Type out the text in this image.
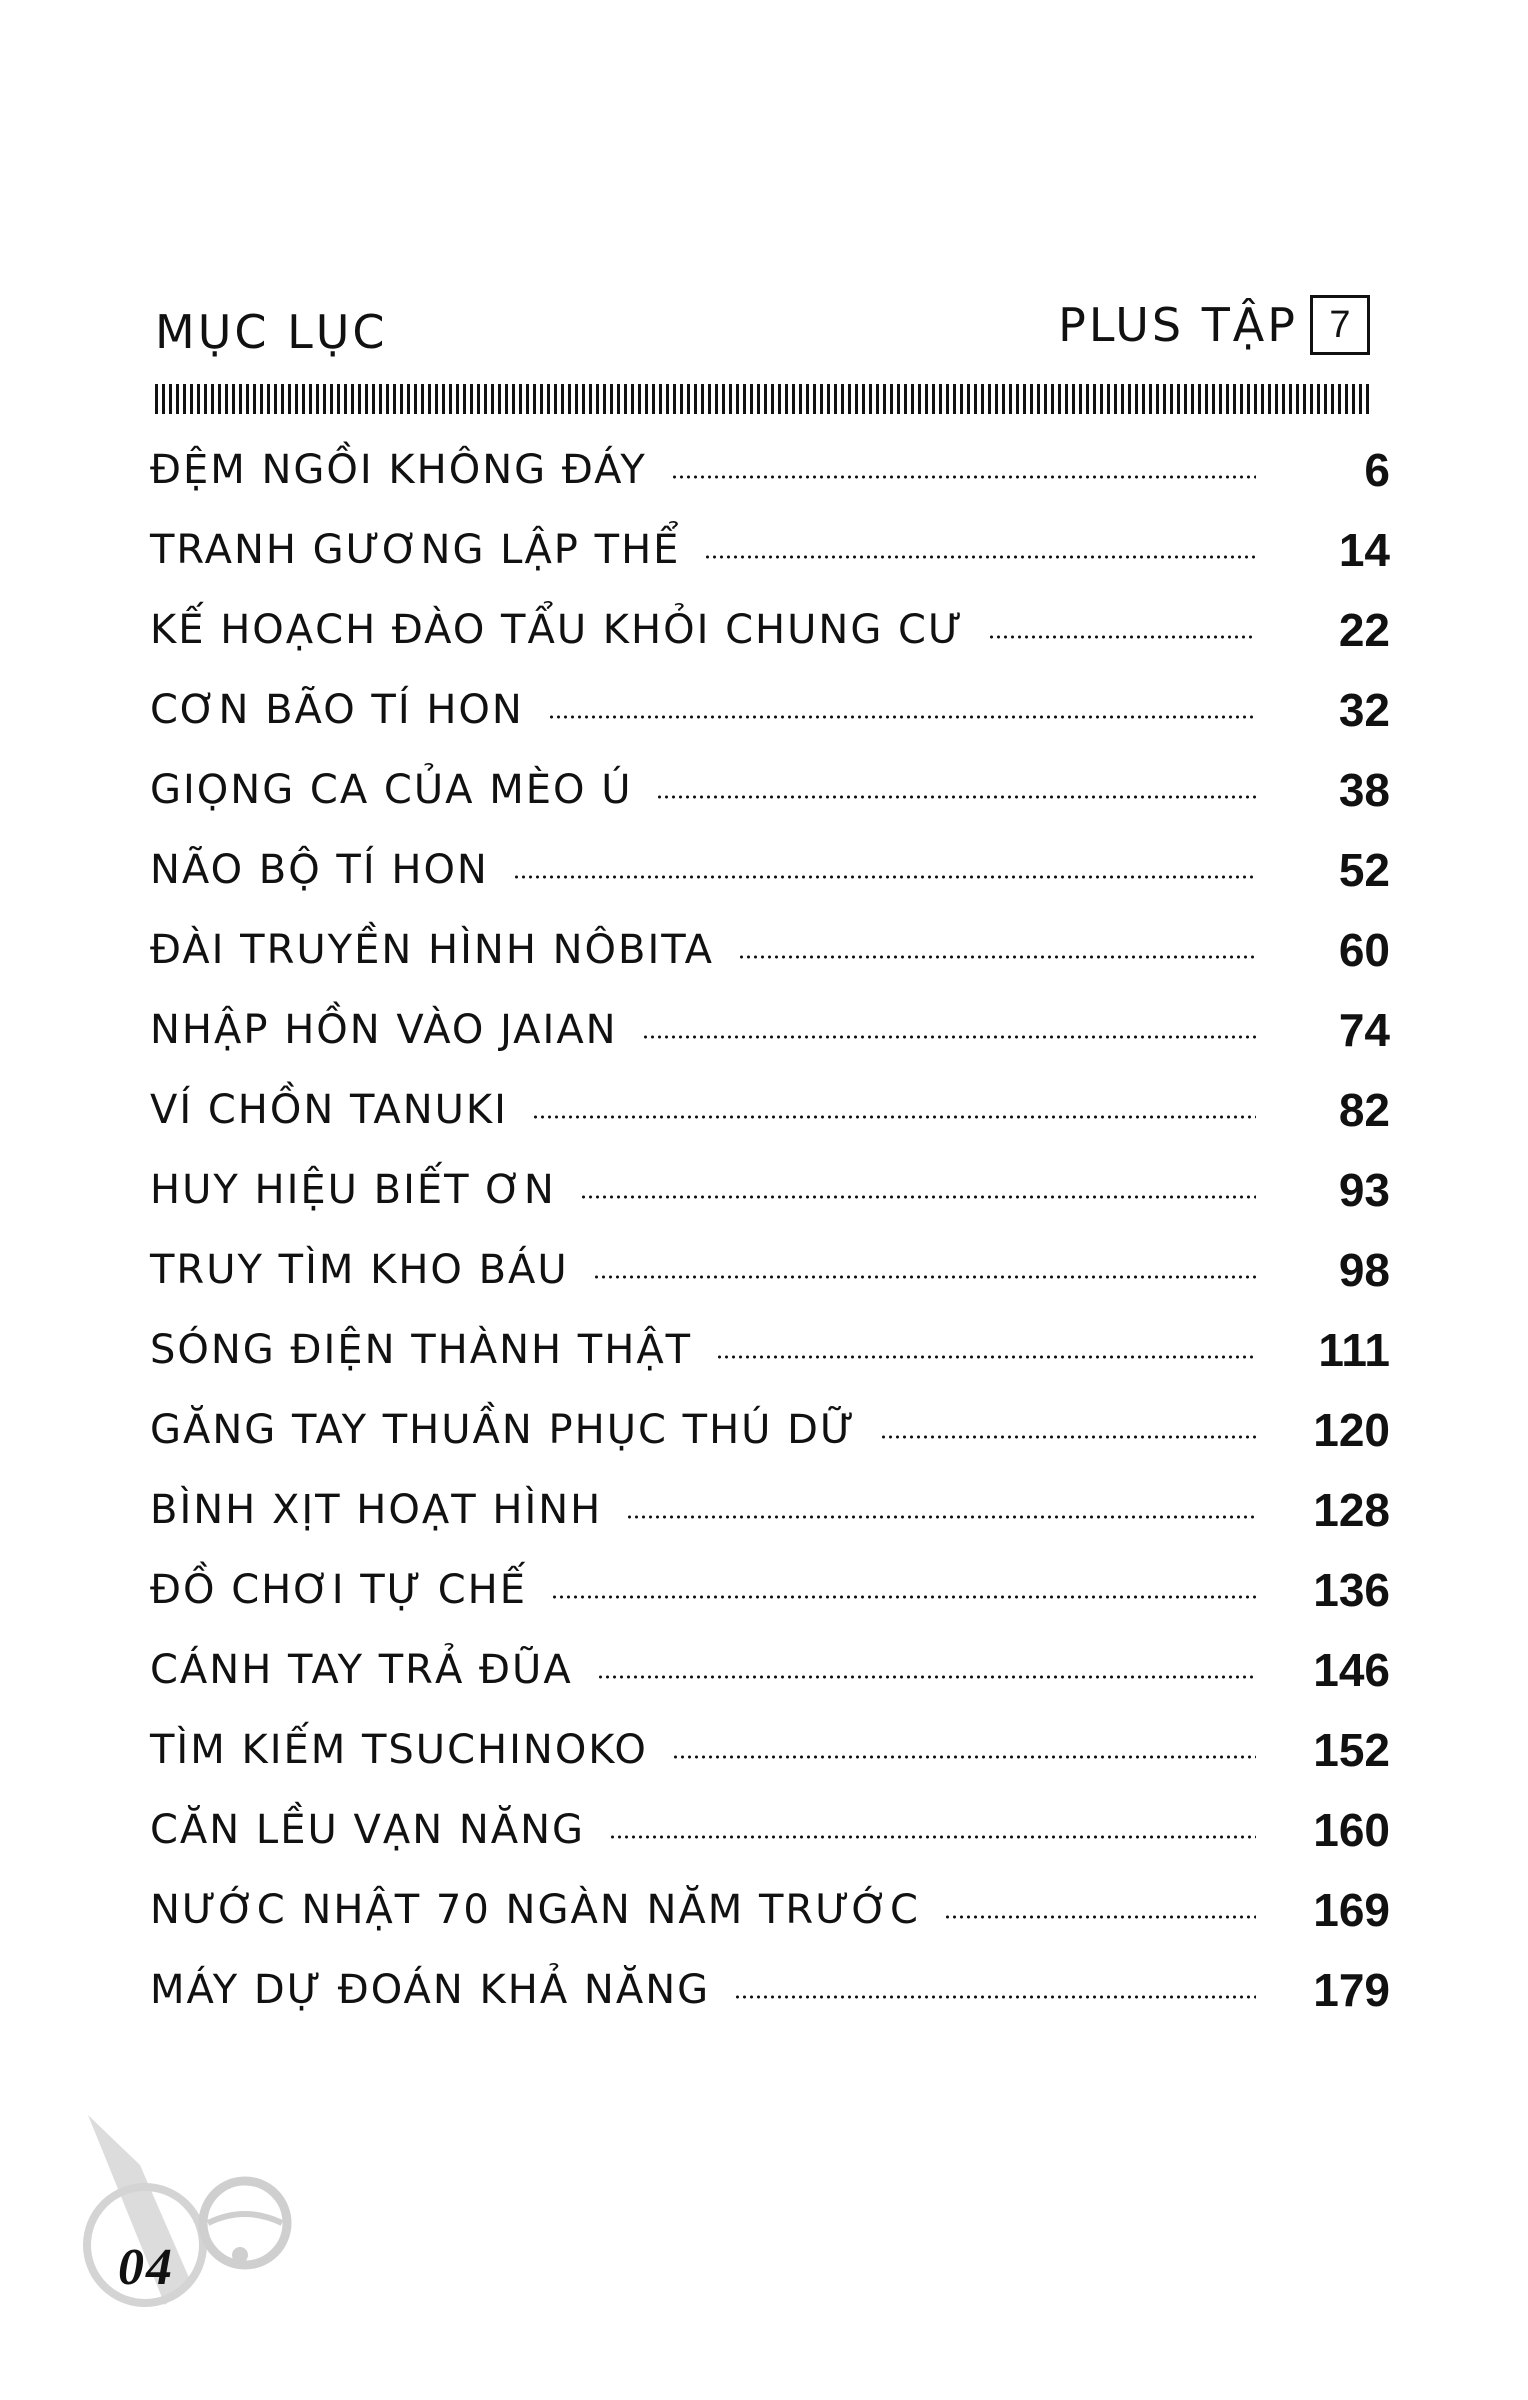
MỤC LỤC	PLUS TẬP 7
ĐỆM NGỒI KHÔNG ĐÁY	6
TRANH GƯƠNG LẬP THỂ	14
KẾ HOẠCH ĐÀO TẨU KHỎI CHUNG CƯ	22
CƠN BÃO TÍ HON	32
GIỌNG CA CỦA MÈO Ú	38
NÃO BỘ TÍ HON	52
ĐÀI TRUYỀN HÌNH NÔBITA	60
NHẬP HỒN VÀO JAIAN	74
VÍ CHỒN TANUKI	82
HUY HIỆU BIẾT ƠN	93
TRUY TÌM KHO BÁU	98
SÓNG ĐIỆN THÀNH THẬT	111
GĂNG TAY THUẦN PHỤC THÚ DỮ	120
BÌNH XỊT HOẠT HÌNH	128
ĐỒ CHƠI TỰ CHẾ	136
CÁNH TAY TRẢ ĐŨA	146
TÌM KIẾM TSUCHINOKO	152
CĂN LỀU VẠN NĂNG	160
NƯỚC NHẬT 70 NGÀN NĂM TRƯỚC	169
MÁY DỰ ĐOÁN KHẢ NĂNG	179
04
